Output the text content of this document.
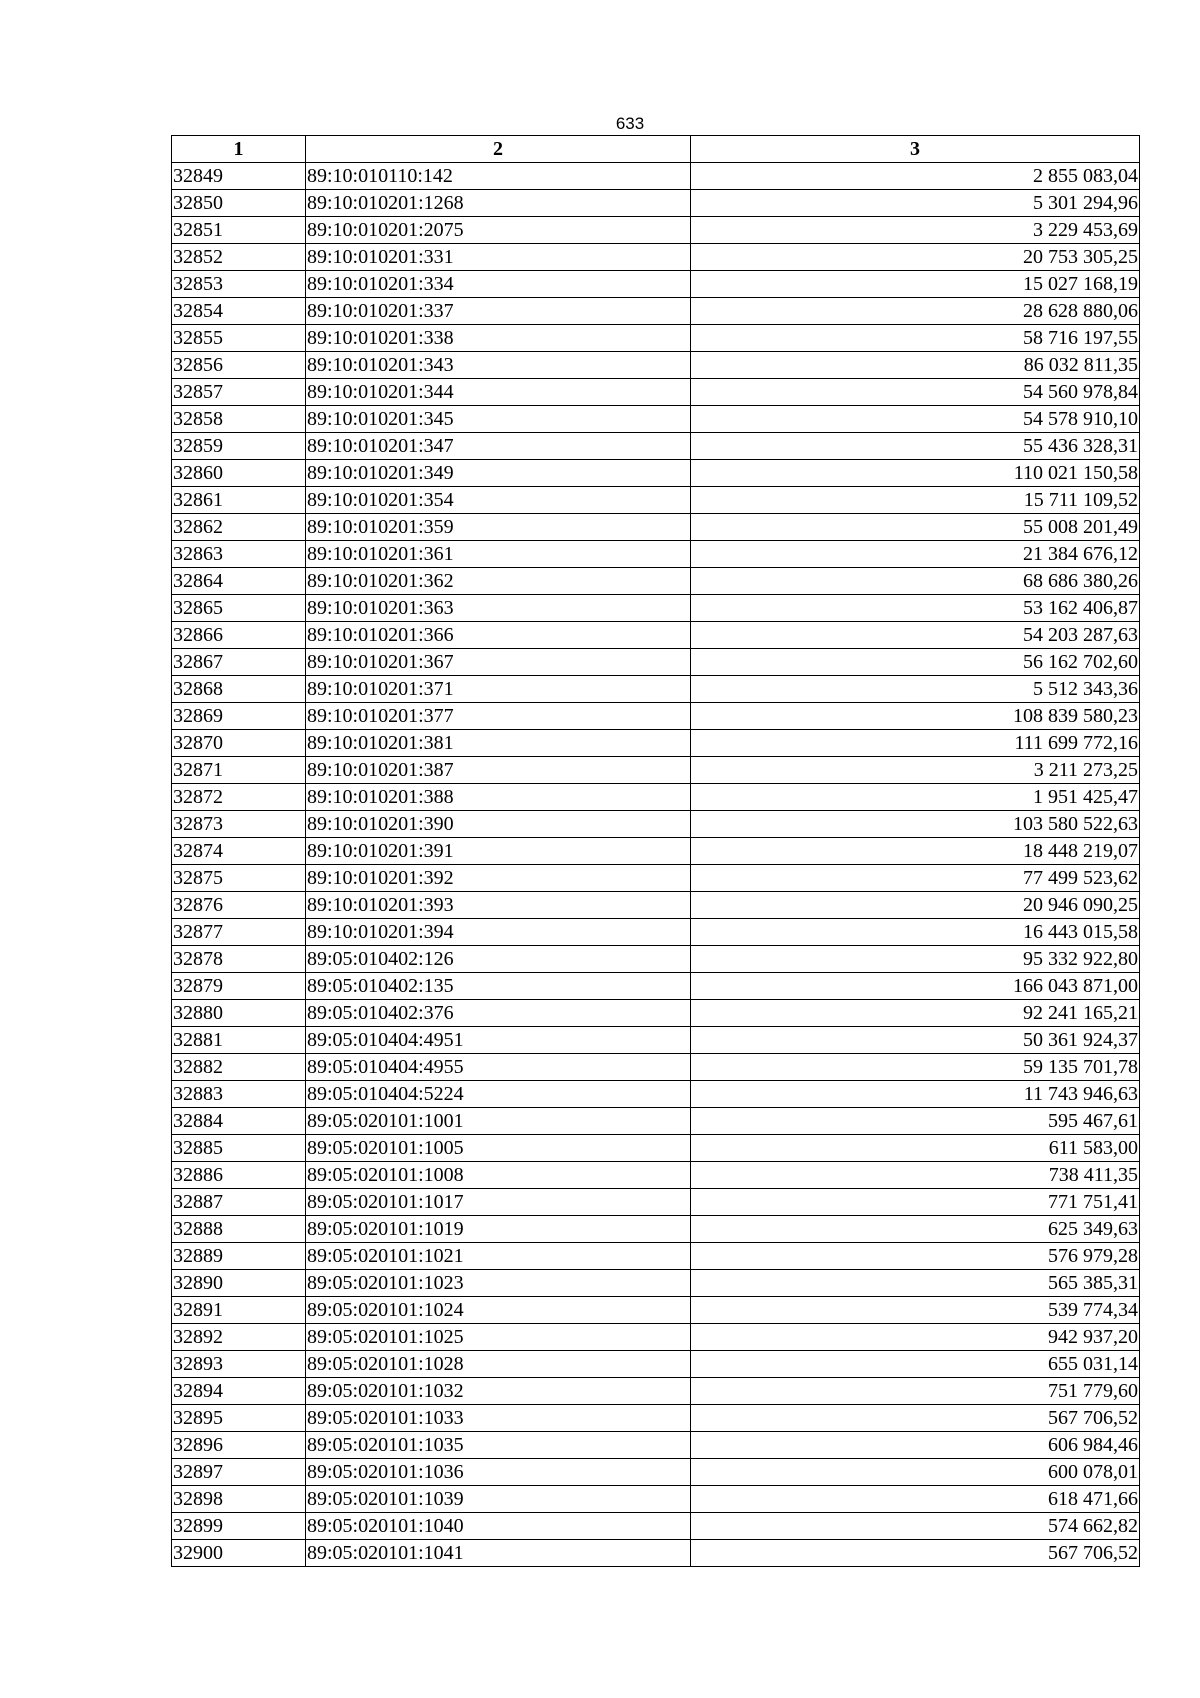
633
1	2	3
32849	89:10:010110:142	2 855 083,04
32850	89:10:010201:1268	5 301 294,96
32851	89:10:010201:2075	3 229 453,69
32852	89:10:010201:331	20 753 305,25
32853	89:10:010201:334	15 027 168,19
32854	89:10:010201:337	28 628 880,06
32855	89:10:010201:338	58 716 197,55
32856	89:10:010201:343	86 032 811,35
32857	89:10:010201:344	54 560 978,84
32858	89:10:010201:345	54 578 910,10
32859	89:10:010201:347	55 436 328,31
32860	89:10:010201:349	110 021 150,58
32861	89:10:010201:354	15 711 109,52
32862	89:10:010201:359	55 008 201,49
32863	89:10:010201:361	21 384 676,12
32864	89:10:010201:362	68 686 380,26
32865	89:10:010201:363	53 162 406,87
32866	89:10:010201:366	54 203 287,63
32867	89:10:010201:367	56 162 702,60
32868	89:10:010201:371	5 512 343,36
32869	89:10:010201:377	108 839 580,23
32870	89:10:010201:381	111 699 772,16
32871	89:10:010201:387	3 211 273,25
32872	89:10:010201:388	1 951 425,47
32873	89:10:010201:390	103 580 522,63
32874	89:10:010201:391	18 448 219,07
32875	89:10:010201:392	77 499 523,62
32876	89:10:010201:393	20 946 090,25
32877	89:10:010201:394	16 443 015,58
32878	89:05:010402:126	95 332 922,80
32879	89:05:010402:135	166 043 871,00
32880	89:05:010402:376	92 241 165,21
32881	89:05:010404:4951	50 361 924,37
32882	89:05:010404:4955	59 135 701,78
32883	89:05:010404:5224	11 743 946,63
32884	89:05:020101:1001	595 467,61
32885	89:05:020101:1005	611 583,00
32886	89:05:020101:1008	738 411,35
32887	89:05:020101:1017	771 751,41
32888	89:05:020101:1019	625 349,63
32889	89:05:020101:1021	576 979,28
32890	89:05:020101:1023	565 385,31
32891	89:05:020101:1024	539 774,34
32892	89:05:020101:1025	942 937,20
32893	89:05:020101:1028	655 031,14
32894	89:05:020101:1032	751 779,60
32895	89:05:020101:1033	567 706,52
32896	89:05:020101:1035	606 984,46
32897	89:05:020101:1036	600 078,01
32898	89:05:020101:1039	618 471,66
32899	89:05:020101:1040	574 662,82
32900	89:05:020101:1041	567 706,52
